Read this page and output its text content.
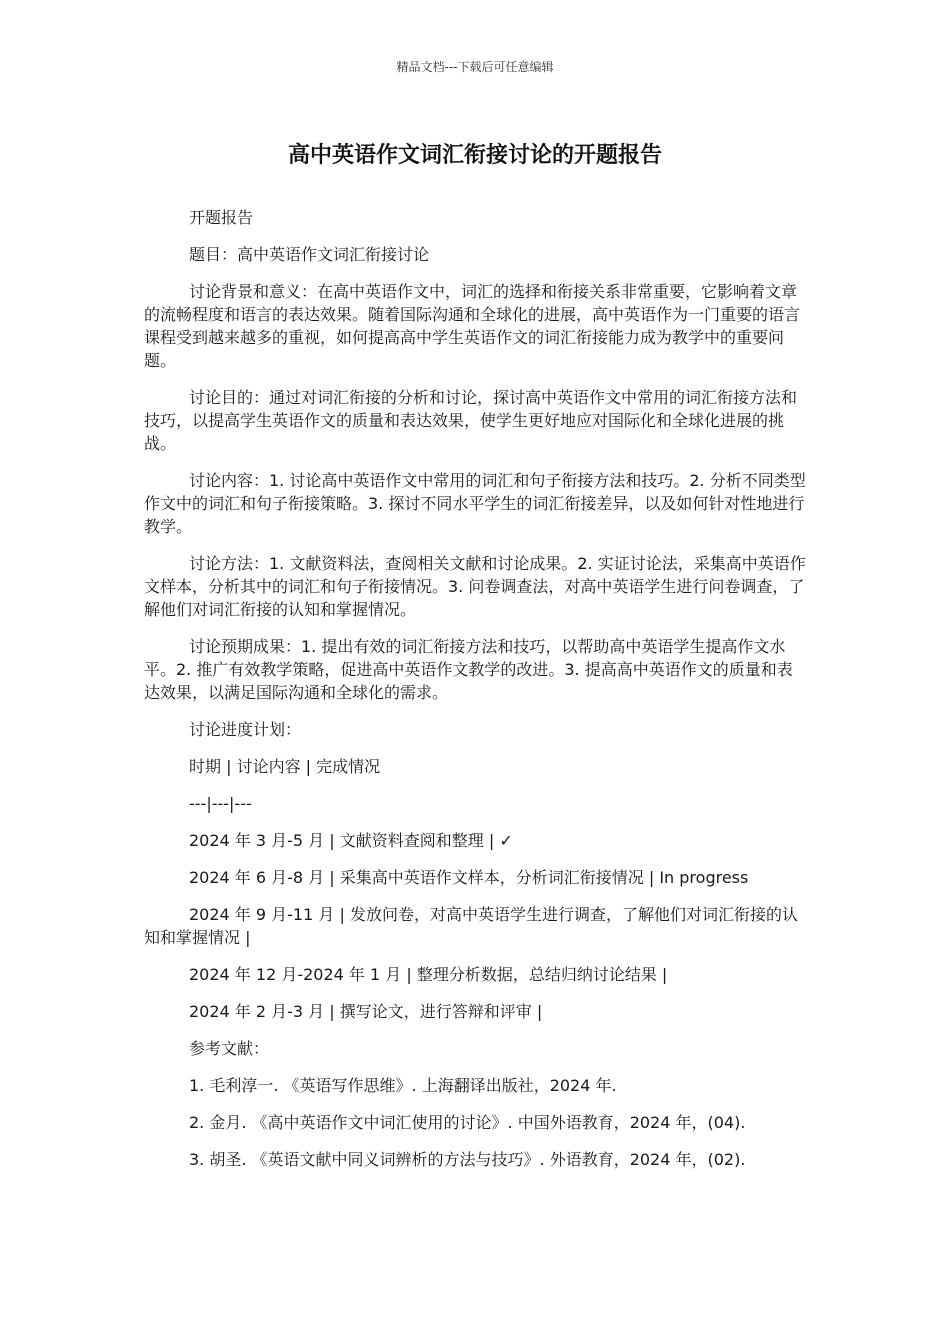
精品文档---下载后可任意编辑
高中英语作文词汇衔接讨论的开题报告

开题报告

题目：高中英语作文词汇衔接讨论

讨论背景和意义：在高中英语作文中，词汇的选择和衔接关系非常重要，它影响着文章的流畅程度和语言的表达效果。随着国际沟通和全球化的进展，高中英语作为一门重要的语言课程受到越来越多的重视，如何提高高中学生英语作文的词汇衔接能力成为教学中的重要问题。

讨论目的：通过对词汇衔接的分析和讨论，探讨高中英语作文中常用的词汇衔接方法和技巧，以提高学生英语作文的质量和表达效果，使学生更好地应对国际化和全球化进展的挑战。

讨论内容：1. 讨论高中英语作文中常用的词汇和句子衔接方法和技巧。2. 分析不同类型作文中的词汇和句子衔接策略。3. 探讨不同水平学生的词汇衔接差异，以及如何针对性地进行教学。

讨论方法：1. 文献资料法，查阅相关文献和讨论成果。2. 实证讨论法，采集高中英语作文样本，分析其中的词汇和句子衔接情况。3. 问卷调查法，对高中英语学生进行问卷调查，了解他们对词汇衔接的认知和掌握情况。

讨论预期成果：1. 提出有效的词汇衔接方法和技巧，以帮助高中英语学生提高作文水平。2. 推广有效教学策略，促进高中英语作文教学的改进。3. 提高高中英语作文的质量和表达效果，以满足国际沟通和全球化的需求。

讨论进度计划：

时期 | 讨论内容 | 完成情况

---|---|---

2024 年 3 月-5 月 | 文献资料查阅和整理 | ✓

2024 年 6 月-8 月 | 采集高中英语作文样本，分析词汇衔接情况 | In progress

2024 年 9 月-11 月 | 发放问卷，对高中英语学生进行调查，了解他们对词汇衔接的认知和掌握情况 |

2024 年 12 月-2024 年 1 月 | 整理分析数据，总结归纳讨论结果 |

2024 年 2 月-3 月 | 撰写论文，进行答辩和评审 |

参考文献：

1. 毛利淳一. 《英语写作思维》. 上海翻译出版社，2024 年.

2. 金月. 《高中英语作文中词汇使用的讨论》. 中国外语教育，2024 年，(04).

3. 胡圣. 《英语文献中同义词辨析的方法与技巧》. 外语教育，2024 年，(02).
